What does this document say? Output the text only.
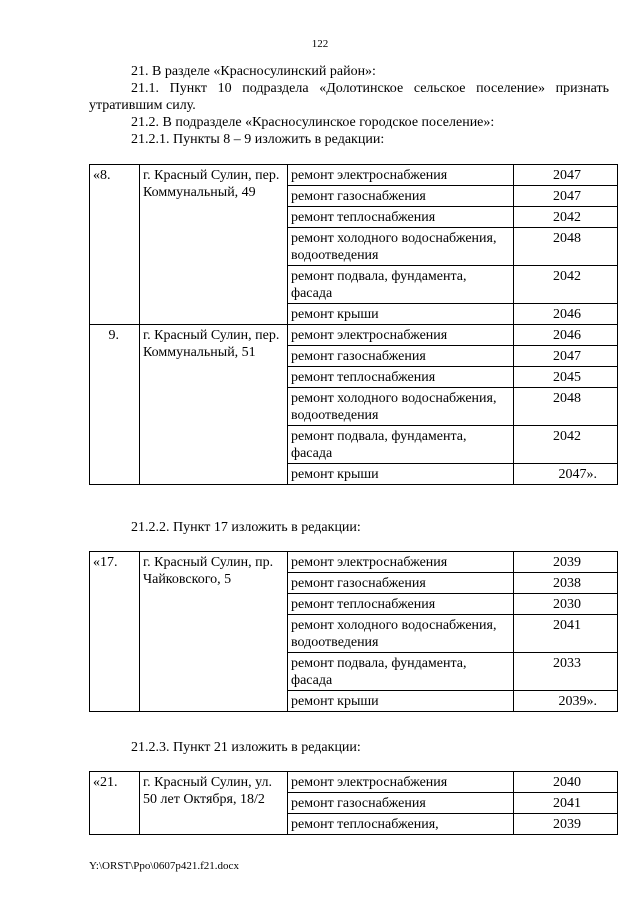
122
21. В разделе «Красносулинский район»:
21.1. Пункт 10 подраздела «Долотинское сельское поселение» признать утратившим силу.
21.2. В подразделе «Красносулинское городское поселение»:
21.2.1. Пункты 8 – 9 изложить в редакции:
«8.	г. Красный Сулин, пер. Коммунальный, 49	ремонт электроснабжения	2047
		ремонт газоснабжения	2047
		ремонт теплоснабжения	2042
		ремонт холодного водоснабжения, водоотведения	2048
		ремонт подвала, фундамента, фасада	2042
		ремонт крыши	2046
9.	г. Красный Сулин, пер. Коммунальный, 51	ремонт электроснабжения	2046
		ремонт газоснабжения	2047
		ремонт теплоснабжения	2045
		ремонт холодного водоснабжения, водоотведения	2048
		ремонт подвала, фундамента, фасада	2042
		ремонт крыши	2047».
21.2.2. Пункт 17 изложить в редакции:
«17.	г. Красный Сулин, пр. Чайковского, 5	ремонт электроснабжения	2039
		ремонт газоснабжения	2038
		ремонт теплоснабжения	2030
		ремонт холодного водоснабжения, водоотведения	2041
		ремонт подвала, фундамента, фасада	2033
		ремонт крыши	2039».
21.2.3. Пункт 21 изложить в редакции:
«21.	г. Красный Сулин, ул. 50 лет Октября, 18/2	ремонт электроснабжения	2040
		ремонт газоснабжения	2041
		ремонт теплоснабжения,	2039
Y:\ORST\Ppo\0607p421.f21.docx
